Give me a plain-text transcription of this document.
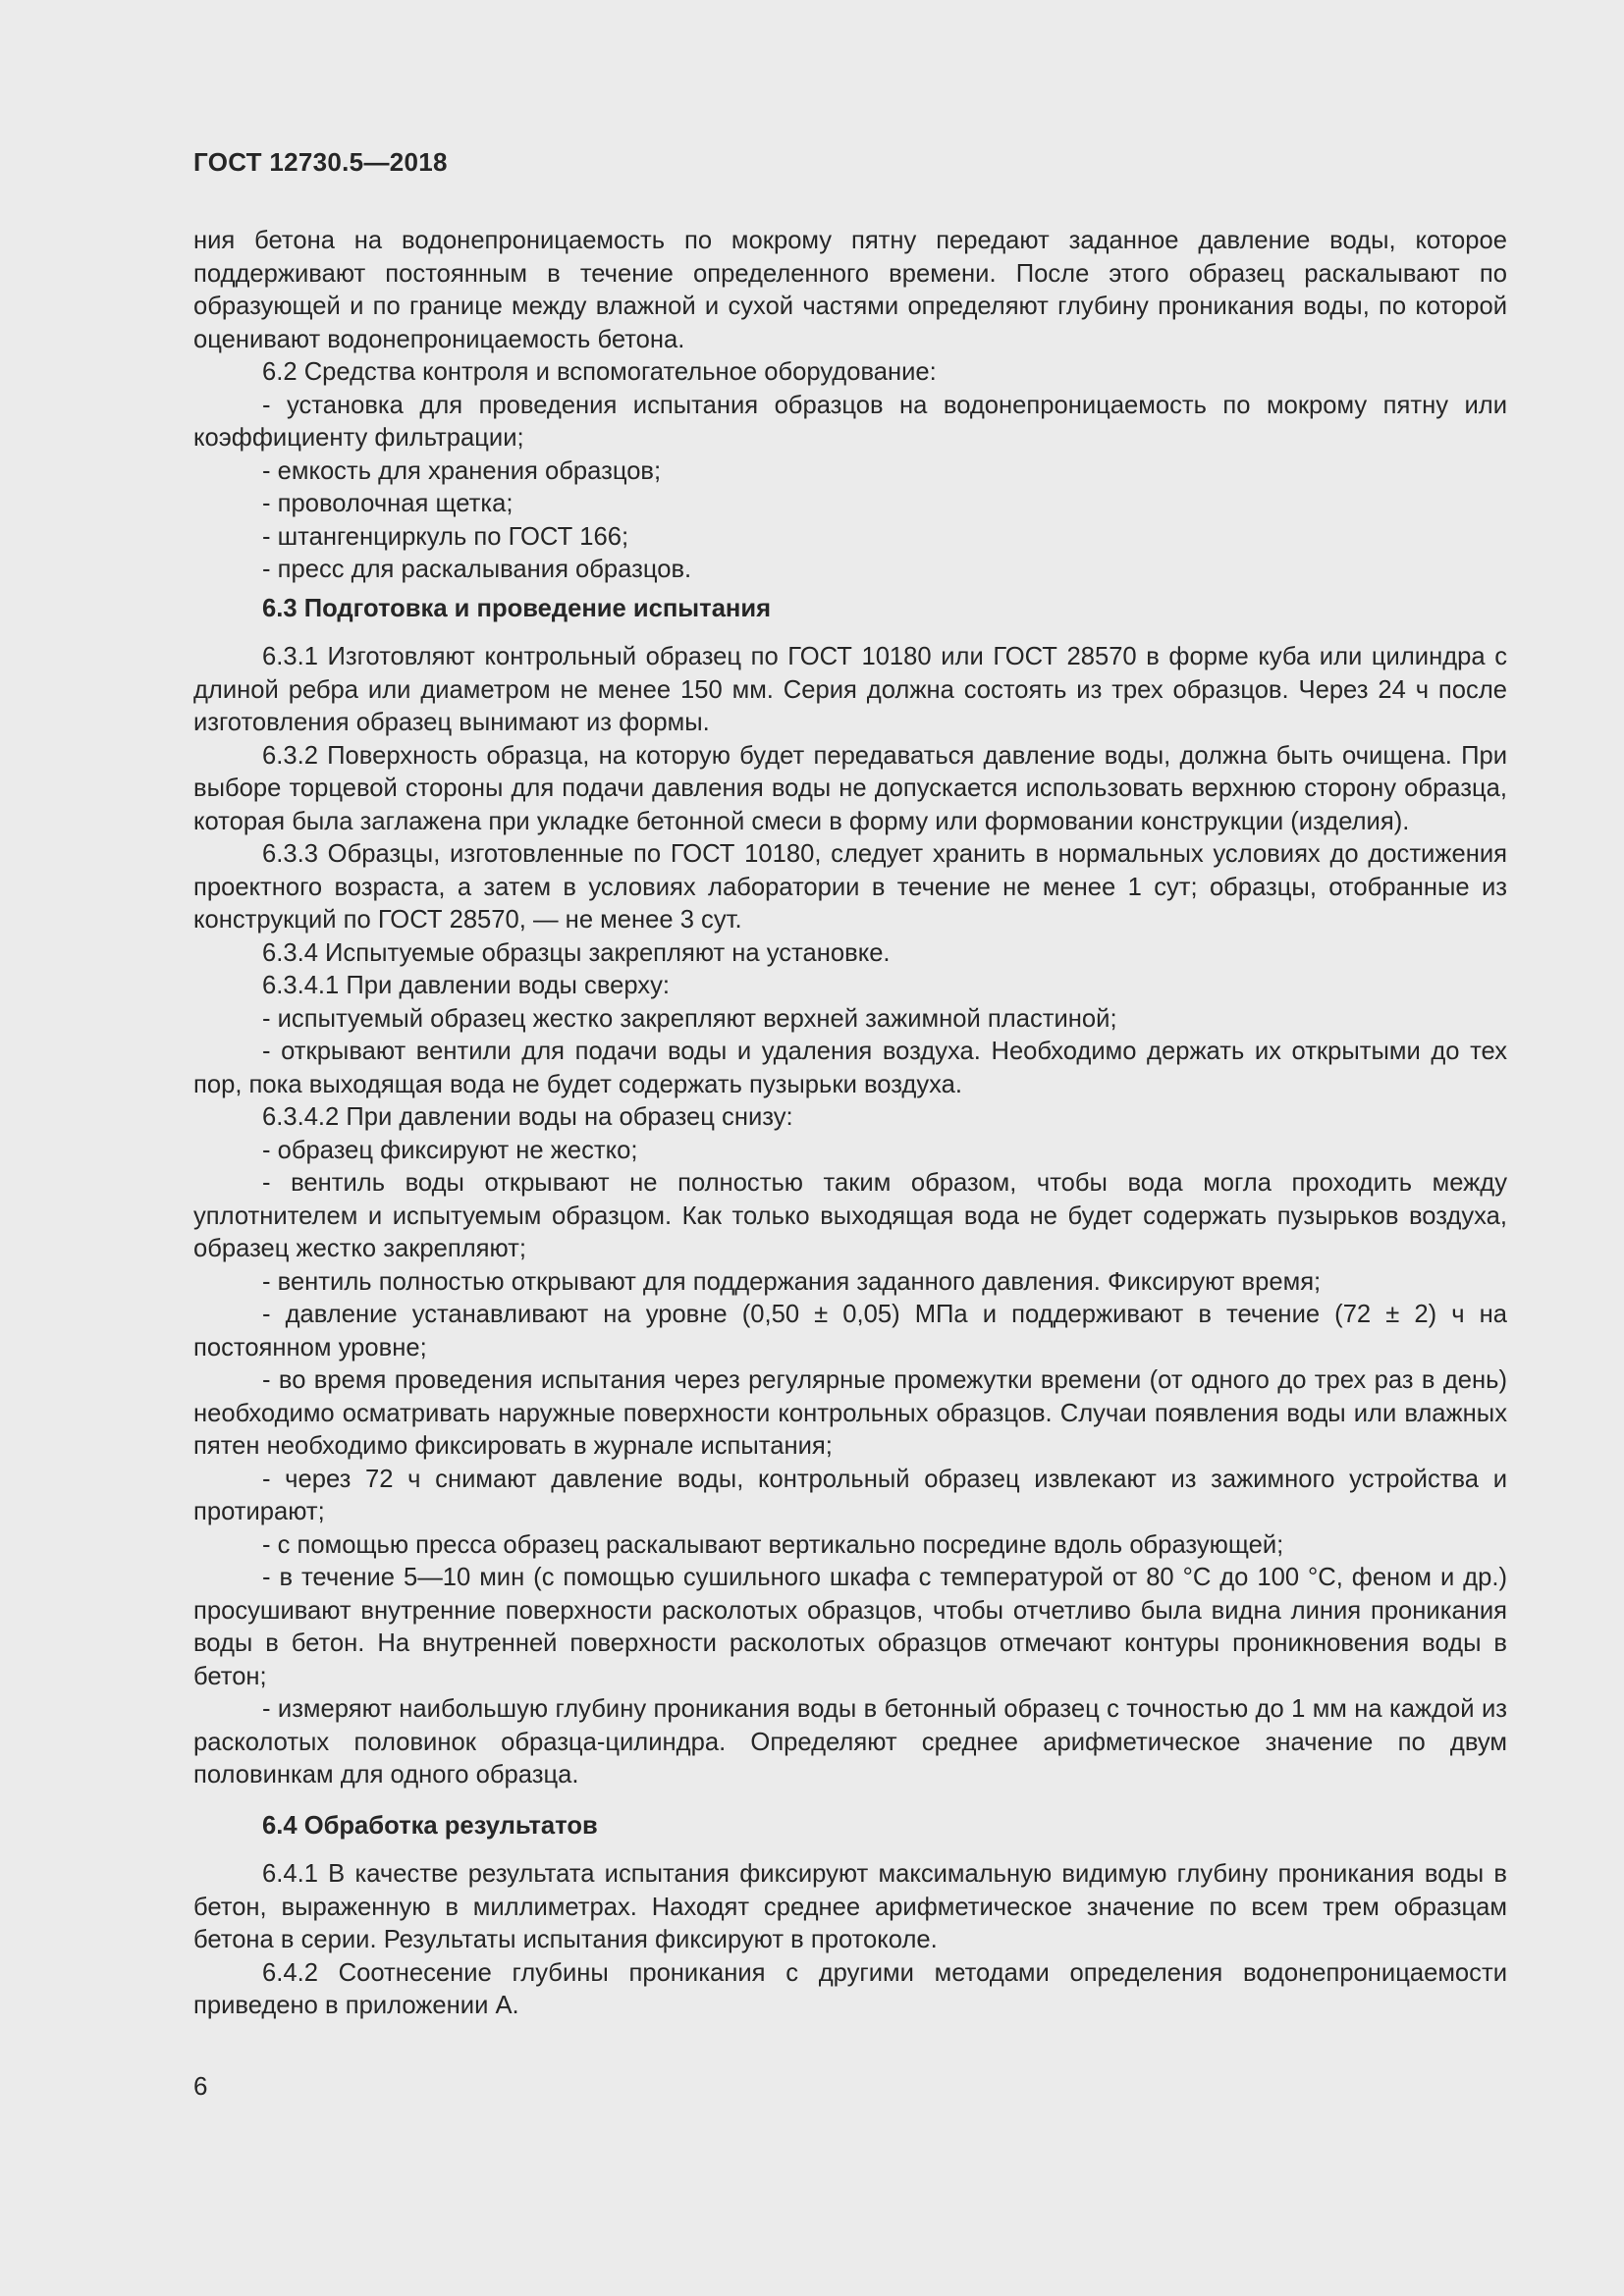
ГОСТ 12730.5—2018

ния бетона на водонепроницаемость по мокрому пятну передают заданное давление воды, которое поддерживают постоянным в течение определенного времени. После этого образец раскалывают по образующей и по границе между влажной и сухой частями определяют глубину проникания воды, по которой оценивают водонепроницаемость бетона.

6.2 Средства контроля и вспомогательное оборудование:

- установка для проведения испытания образцов на водонепроницаемость по мокрому пятну или коэффициенту фильтрации;

- емкость для хранения образцов;

- проволочная щетка;

- штангенциркуль по ГОСТ 166;

- пресс для раскалывания образцов.

6.3 Подготовка и проведение испытания

6.3.1 Изготовляют контрольный образец по ГОСТ 10180 или ГОСТ 28570 в форме куба или цилиндра с длиной ребра или диаметром не менее 150 мм. Серия должна состоять из трех образцов. Через 24 ч после изготовления образец вынимают из формы.

6.3.2 Поверхность образца, на которую будет передаваться давление воды, должна быть очищена. При выборе торцевой стороны для подачи давления воды не допускается использовать верхнюю сторону образца, которая была заглажена при укладке бетонной смеси в форму или формовании конструкции (изделия).

6.3.3 Образцы, изготовленные по ГОСТ 10180, следует хранить в нормальных условиях до достижения проектного возраста, а затем в условиях лаборатории в течение не менее 1 сут; образцы, отобранные из конструкций по ГОСТ 28570, — не менее 3 сут.

6.3.4 Испытуемые образцы закрепляют на установке.

6.3.4.1 При давлении воды сверху:

- испытуемый образец жестко закрепляют верхней зажимной пластиной;

- открывают вентили для подачи воды и удаления воздуха. Необходимо держать их открытыми до тех пор, пока выходящая вода не будет содержать пузырьки воздуха.

6.3.4.2 При давлении воды на образец снизу:

- образец фиксируют не жестко;

- вентиль воды открывают не полностью таким образом, чтобы вода могла проходить между уплотнителем и испытуемым образцом. Как только выходящая вода не будет содержать пузырьков воздуха, образец жестко закрепляют;

- вентиль полностью открывают для поддержания заданного давления. Фиксируют время;

- давление устанавливают на уровне (0,50 ± 0,05) МПа и поддерживают в течение (72 ± 2) ч на постоянном уровне;

- во время проведения испытания через регулярные промежутки времени (от одного до трех раз в день) необходимо осматривать наружные поверхности контрольных образцов. Случаи появления воды или влажных пятен необходимо фиксировать в журнале испытания;

- через 72 ч снимают давление воды, контрольный образец извлекают из зажимного устройства и протирают;

- с помощью пресса образец раскалывают вертикально посредине вдоль образующей;

- в течение 5—10 мин (с помощью сушильного шкафа с температурой от 80 °С до 100 °С, феном и др.) просушивают внутренние поверхности расколотых образцов, чтобы отчетливо была видна линия проникания воды в бетон. На внутренней поверхности расколотых образцов отмечают контуры проникновения воды в бетон;

- измеряют наибольшую глубину проникания воды в бетонный образец с точностью до 1 мм на каждой из расколотых половинок образца-цилиндра. Определяют среднее арифметическое значение по двум половинкам для одного образца.

6.4 Обработка результатов

6.4.1 В качестве результата испытания фиксируют максимальную видимую глубину проникания воды в бетон, выраженную в миллиметрах. Находят среднее арифметическое значение по всем трем образцам бетона в серии. Результаты испытания фиксируют в протоколе.

6.4.2 Соотнесение глубины проникания с другими методами определения водонепроницаемости приведено в приложении А.

6
